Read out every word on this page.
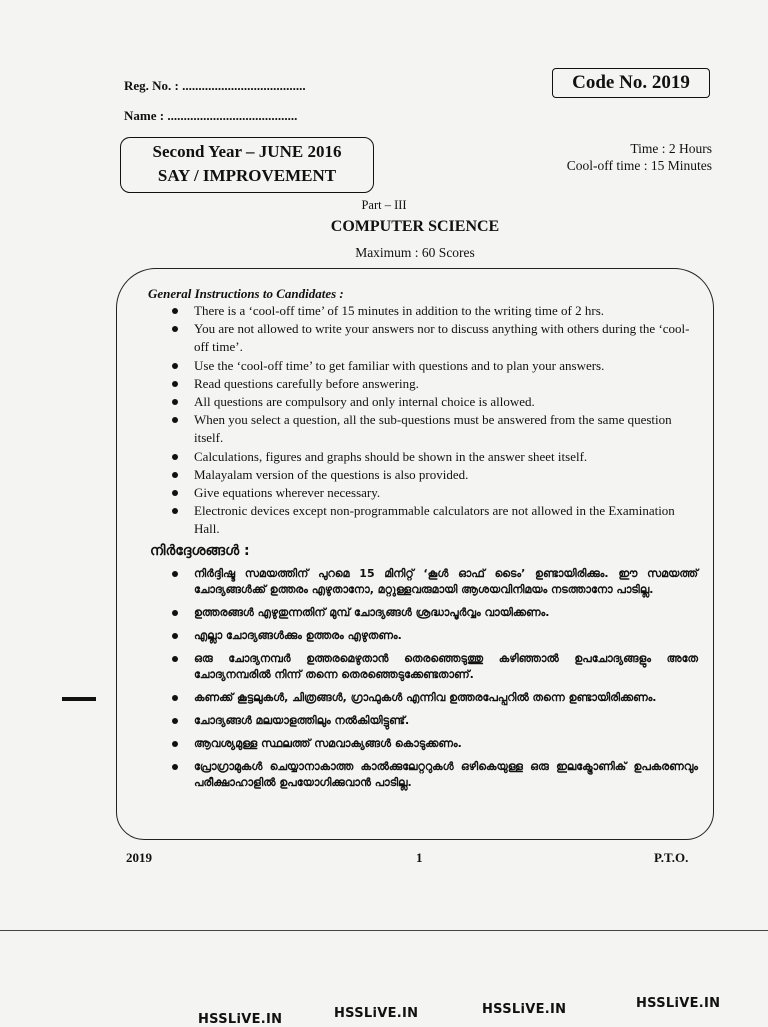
Reg. No. : ......................................
Name : ........................................
Code No. 2019
Second Year – JUNE 2016
SAY / IMPROVEMENT
Time : 2 Hours
Cool-off time : 15 Minutes
Part – III
COMPUTER SCIENCE
Maximum : 60 Scores
General Instructions to Candidates :
There is a ‘cool-off time’ of 15 minutes in addition to the writing time of 2 hrs.
You are not allowed to write your answers nor to discuss anything with others during the ‘cool-off time’.
Use the ‘cool-off time’ to get familiar with questions and to plan your answers.
Read questions carefully before answering.
All questions are compulsory and only internal choice is allowed.
When you select a question, all the sub-questions must be answered from the same question itself.
Calculations, figures and graphs should be shown in the answer sheet itself.
Malayalam version of the questions is also provided.
Give equations wherever necessary.
Electronic devices except non-programmable calculators are not allowed in the Examination Hall.
നിർദ്ദേശങ്ങൾ :
നിർദ്ദിഷ്ട സമയത്തിന് പുറമെ 15 മിനിറ്റ് ‘കൂൾ ഓഫ് ടൈം’ ഉണ്ടായിരിക്കും. ഈ സമയത്ത് ചോദ്യങ്ങൾക്ക് ഉത്തരം എഴുതാനോ, മറ്റുള്ളവരുമായി ആശയവിനിമയം നടത്താനോ പാടില്ല.
ഉത്തരങ്ങൾ എഴുതുന്നതിന് മുമ്പ് ചോദ്യങ്ങൾ ശ്രദ്ധാപൂർവ്വം വായിക്കണം.
എല്ലാ ചോദ്യങ്ങൾക്കും ഉത്തരം എഴുതണം.
ഒരു ചോദ്യനമ്പർ ഉത്തരമെഴുതാൻ തെരഞ്ഞെടുത്തു കഴിഞ്ഞാൽ ഉപചോദ്യങ്ങളും അതേ ചോദ്യനമ്പരിൽ നിന്ന് തന്നെ തെരഞ്ഞെടുക്കേണ്ടതാണ്.
കണക്ക് കൂട്ടലുകൾ, ചിത്രങ്ങൾ, ഗ്രാഫുകൾ എന്നിവ ഉത്തരപേപ്പറിൽ തന്നെ ഉണ്ടായിരിക്കണം.
ചോദ്യങ്ങൾ മലയാളത്തിലും നൽകിയിട്ടുണ്ട്.
ആവശ്യമുള്ള സ്ഥലത്ത് സമവാക്യങ്ങൾ കൊടുക്കണം.
പ്രോഗ്രാമുകൾ ചെയ്യാനാകാത്ത കാൽക്കുലേറ്ററുകൾ ഒഴികെയുള്ള ഒരു ഇലക്ട്രോണിക് ഉപകരണവും പരീക്ഷാഹാളിൽ ഉപയോഗിക്കുവാൻ പാടില്ല.
2019	1	P.T.O.
HSSLiVE.IN	HSSLiVE.IN	HSSLiVE.IN	HSSLiVE.IN
